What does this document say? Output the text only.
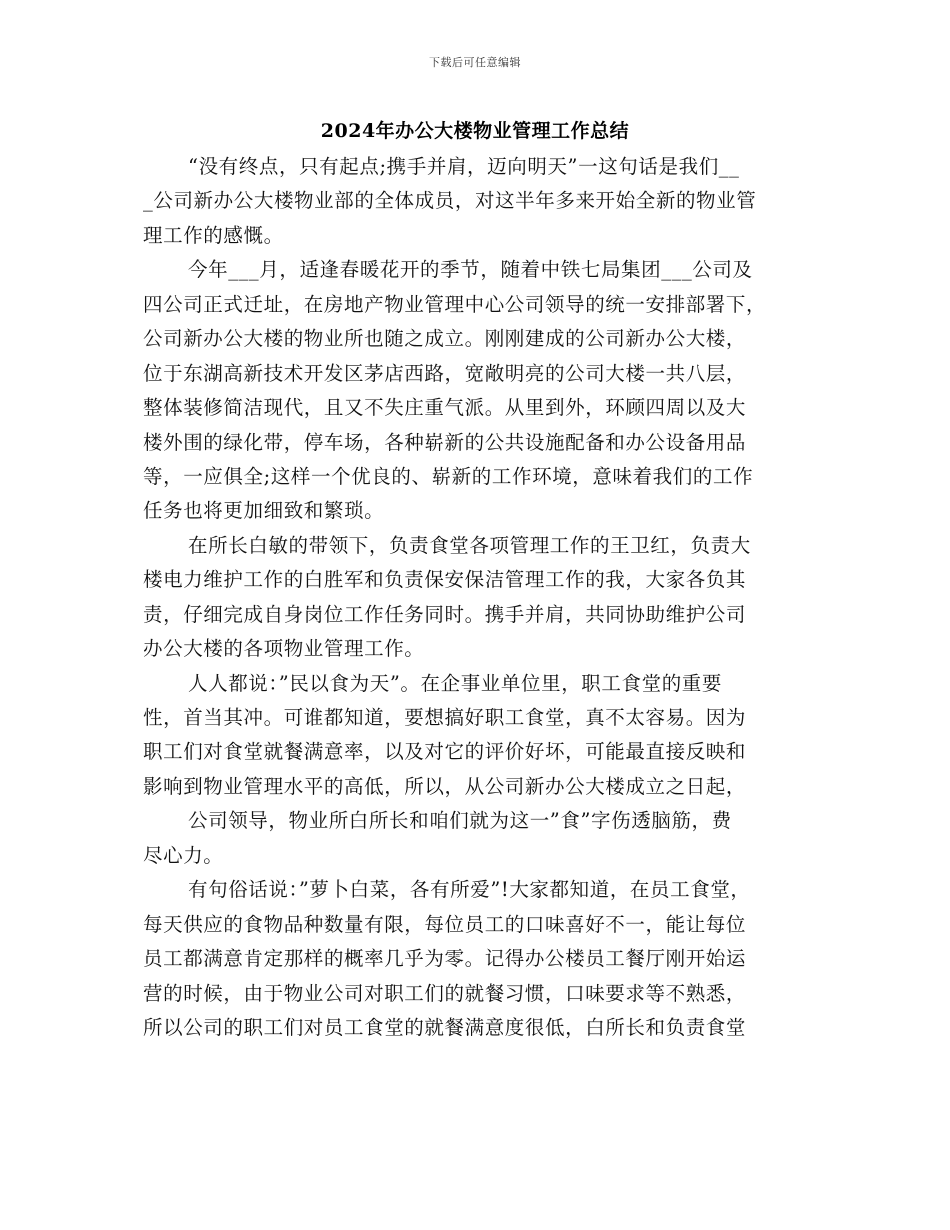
下载后可任意编辑
2024年办公大楼物业管理工作总结
“没有终点，只有起点;携手并肩，迈向明天”一这句话是我们__
_公司新办公大楼物业部的全体成员，对这半年多来开始全新的物业管
理工作的感慨。
今年___月，适逢春暖花开的季节，随着中铁七局集团___公司及
四公司正式迁址，在房地产物业管理中心公司领导的统一安排部署下，
公司新办公大楼的物业所也随之成立。刚刚建成的公司新办公大楼，
位于东湖高新技术开发区茅店西路，宽敞明亮的公司大楼一共八层，
整体装修简洁现代，且又不失庄重气派。从里到外，环顾四周以及大
楼外围的绿化带，停车场，各种崭新的公共设施配备和办公设备用品
等，一应俱全;这样一个优良的、崭新的工作环境，意味着我们的工作
任务也将更加细致和繁琐。
在所长白敏的带领下，负责食堂各项管理工作的王卫红，负责大
楼电力维护工作的白胜军和负责保安保洁管理工作的我，大家各负其
责，仔细完成自身岗位工作任务同时。携手并肩，共同协助维护公司
办公大楼的各项物业管理工作。
人人都说：”民以食为天”。在企事业单位里，职工食堂的重要
性，首当其冲。可谁都知道，要想搞好职工食堂，真不太容易。因为
职工们对食堂就餐满意率，以及对它的评价好坏，可能最直接反映和
影响到物业管理水平的高低，所以，从公司新办公大楼成立之日起，
公司领导，物业所白所长和咱们就为这一”食”字伤透脑筋，费
尽心力。
有句俗话说：”萝卜白菜，各有所爱”!大家都知道，在员工食堂，
每天供应的食物品种数量有限，每位员工的口味喜好不一，能让每位
员工都满意肯定那样的概率几乎为零。记得办公楼员工餐厅刚开始运
营的时候，由于物业公司对职工们的就餐习惯，口味要求等不熟悉，
所以公司的职工们对员工食堂的就餐满意度很低，白所长和负责食堂
